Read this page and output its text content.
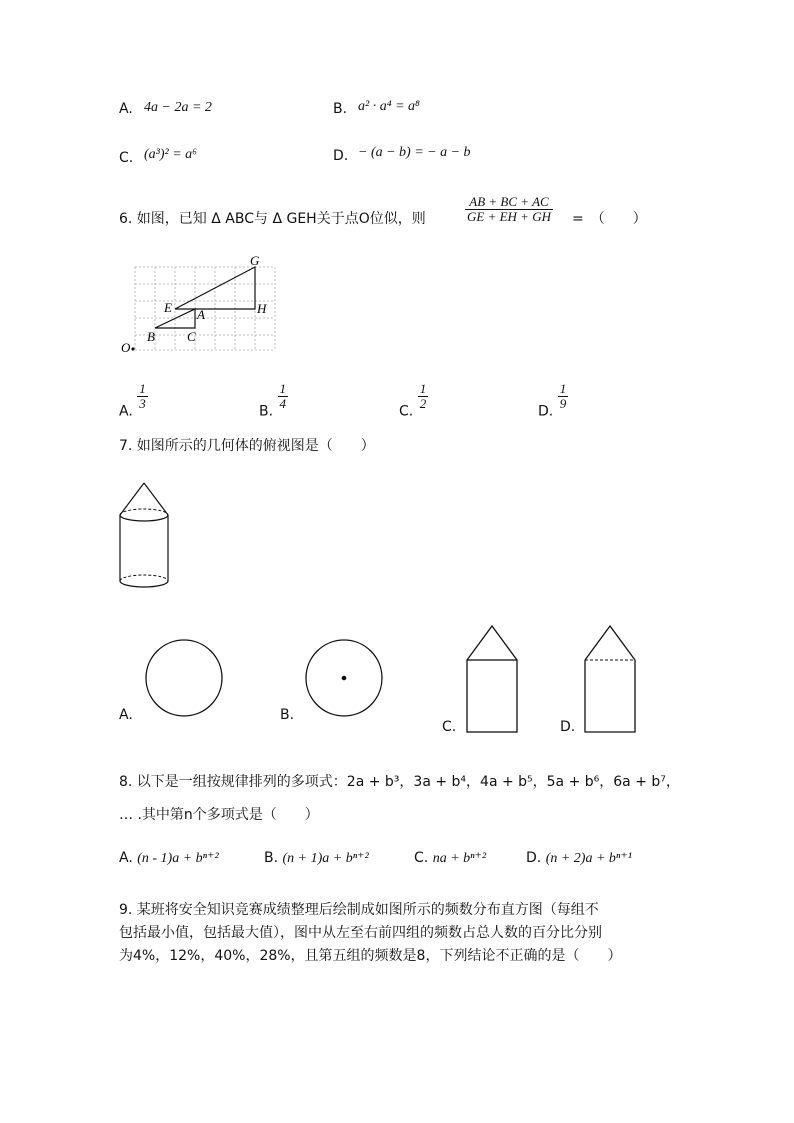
A. 4a − 2a = 2	B. a² · a⁴ = a⁸
C. (a³)² = a⁶	D. − (a − b) = − a − b
6. 如图，已知 Δ ABC与 Δ GEH关于点O位似，则	$\frac{AB + BC + AC}{GE + EH + GH}$ =　（　　）
G
E	H
A
B C
O
A.
$\frac{1}{3}$
B.
$\frac{1}{4}$
C.
$\frac{1}{2}$
D.
$\frac{1}{9}$
7. 如图所示的几何体的俯视图是（　　）
A.	B.
C.	D.
8. 以下是一组按规律排列的多项式：2a + b³，3a + b⁴，4a + b⁵，5a + b⁶，6a + b⁷，
… .其中第n个多项式是（　　）
A. (n - 1)a + bⁿ⁺²	B. (n + 1)a + bⁿ⁺²	C. na + bⁿ⁺²	D. (n + 2)a + bⁿ⁺¹
9. 某班将安全知识竞赛成绩整理后绘制成如图所示的频数分布直方图（每组不
包括最小值，包括最大值），图中从左至右前四组的频数占总人数的百分比分别
为4%，12%，40%，28%，且第五组的频数是8，下列结论不正确的是（　　）
